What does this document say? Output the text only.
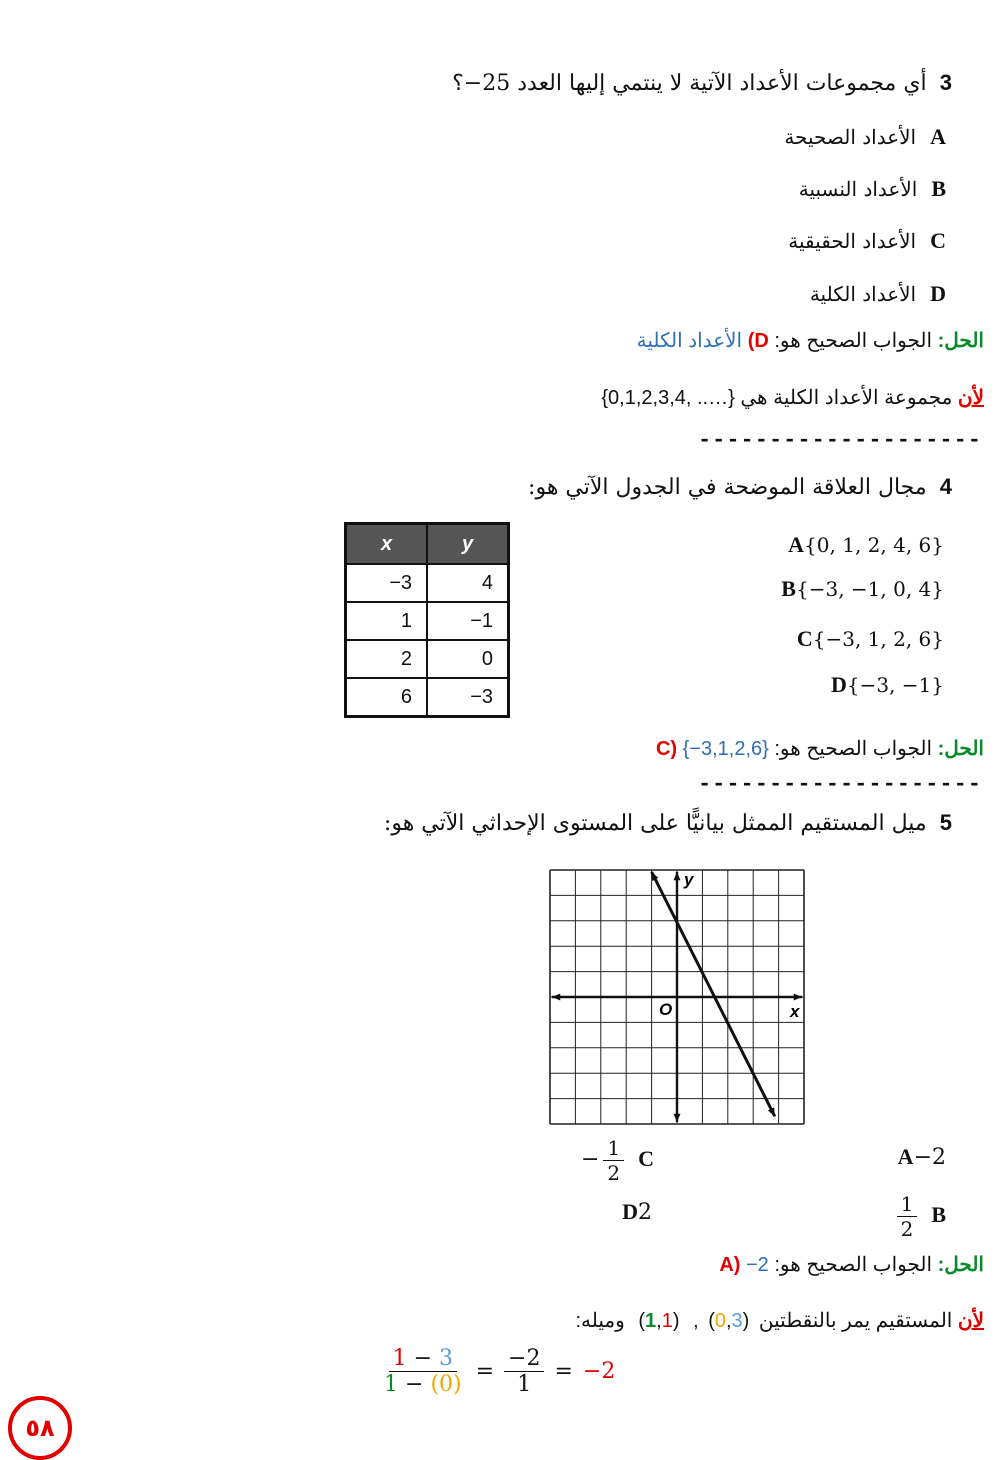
3 أي مجموعات الأعداد الآتية لا ينتمي إليها العدد 25−؟
Aالأعداد الصحيحة
Bالأعداد النسبية
Cالأعداد الحقيقية
Dالأعداد الكلية
الحل: الجواب الصحيح هو: D) الأعداد الكلية
لأن مجموعة الأعداد الكلية هي {….. ,0,1,2,3,4}
--------------------
4 مجال العلاقة الموضحة في الجدول الآتي هو:
x	y
−3	4
1	−1
2	0
6	−3
A{0, 1, 2, 4, 6}
B{−3, −1, 0, 4}
C{−3, 1, 2, 6}
D{−3, −1}
الحل: الجواب الصحيح هو: C) {−3,1,2,6}
--------------------
5 ميل المستقيم الممثل بيانيًّا على المستوى الإحداثي الآتي هو:
y
x
O
A−2
B
$\frac{1}{2}$
C
$\frac{1}{2}$
−
D2
الحل: الجواب الصحيح هو: A) −2
لأن المستقيم يمر بالنقطتين (1,1) , (0,3) وميله:
$\frac{1 - 3}{1 - (0)} = \frac{-2}{1} = -2$
٥٨
